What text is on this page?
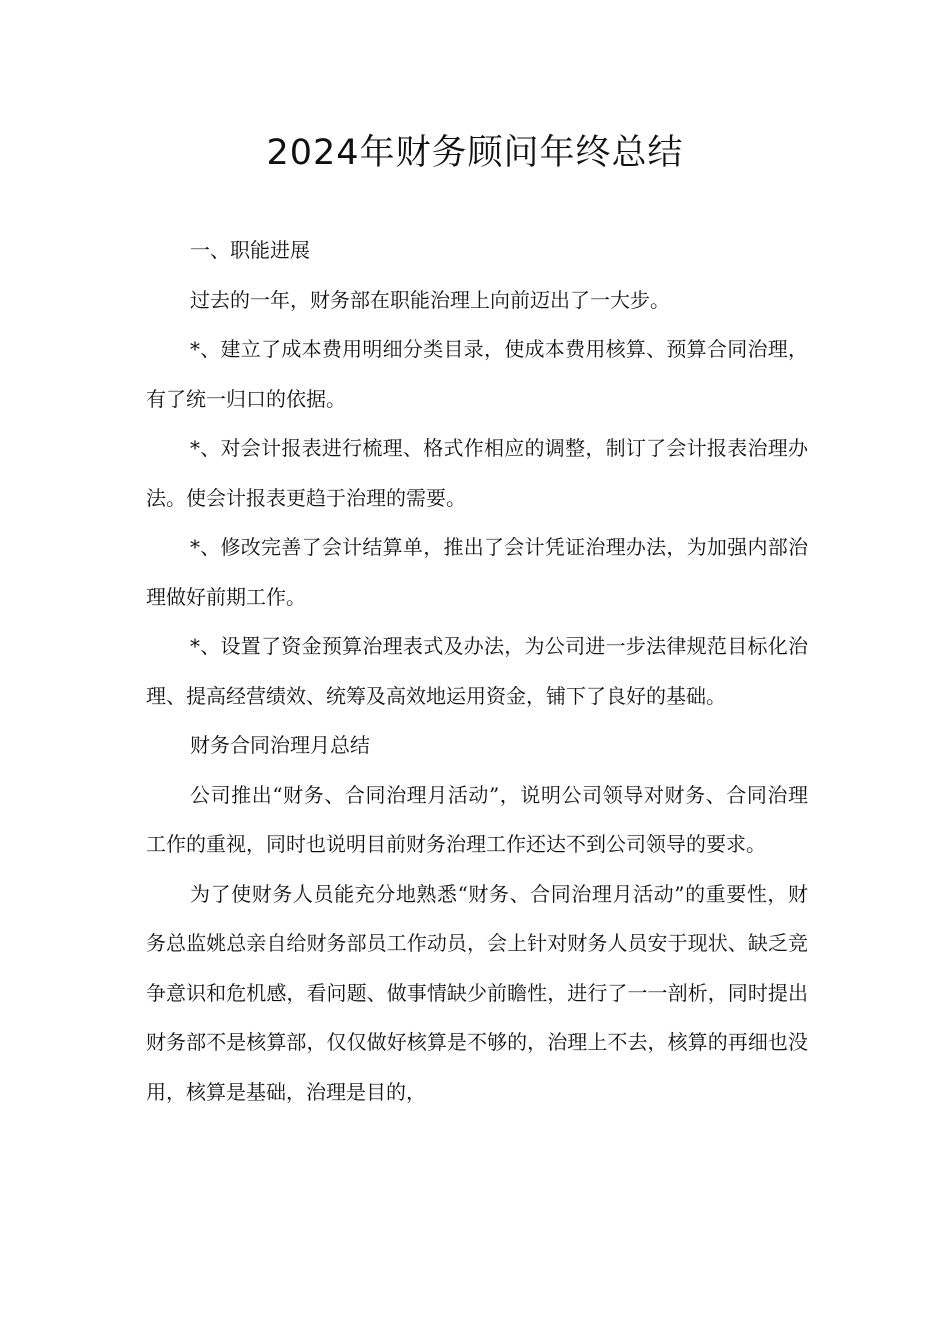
2024年财务顾问年终总结

一、职能进展

过去的一年，财务部在职能治理上向前迈出了一大步。

*、建立了成本费用明细分类目录，使成本费用核算、预算合同治理，有了统一归口的依据。

*、对会计报表进行梳理、格式作相应的调整，制订了会计报表治理办法。使会计报表更趋于治理的需要。

*、修改完善了会计结算单，推出了会计凭证治理办法，为加强内部治理做好前期工作。

*、设置了资金预算治理表式及办法，为公司进一步法律规范目标化治理、提高经营绩效、统筹及高效地运用资金，铺下了良好的基础。

财务合同治理月总结

公司推出“财务、合同治理月活动”，说明公司领导对财务、合同治理工作的重视，同时也说明目前财务治理工作还达不到公司领导的要求。

为了使财务人员能充分地熟悉“财务、合同治理月活动”的重要性，财务总监姚总亲自给财务部员工作动员，会上针对财务人员安于现状、缺乏竞争意识和危机感，看问题、做事情缺少前瞻性，进行了一一剖析，同时提出财务部不是核算部，仅仅做好核算是不够的，治理上不去，核算的再细也没用，核算是基础，治理是目的，
